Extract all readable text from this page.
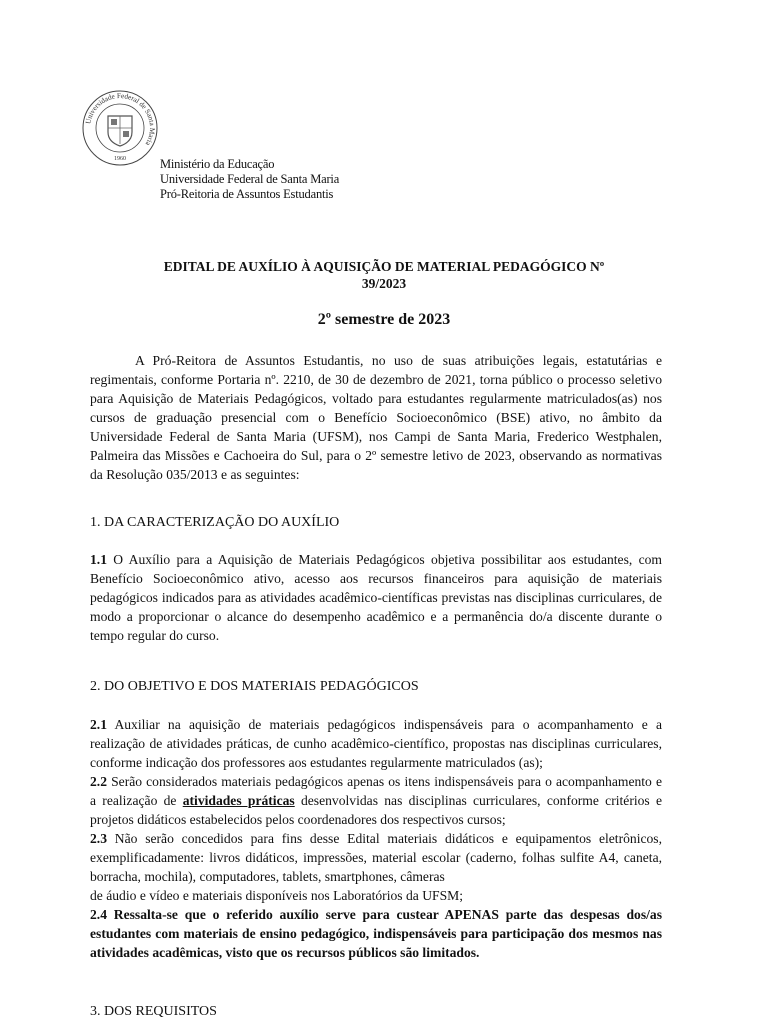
Universidade Federal de Santa Maria
1960	Ministério da Educação
Universidade Federal de Santa Maria
Pró-Reitoria de Assuntos Estudantis
EDITAL DE AUXÍLIO À AQUISIÇÃO DE MATERIAL PEDAGÓGICO Nº
39/2023
2º semestre de 2023
A Pró-Reitora de Assuntos Estudantis, no uso de suas atribuições legais, estatutárias e regimentais, conforme Portaria nº. 2210, de 30 de dezembro de 2021, torna público o processo seletivo para Aquisição de Materiais Pedagógicos, voltado para estudantes regularmente matriculados(as) nos cursos de graduação presencial com o Benefício Socioeconômico (BSE) ativo, no âmbito da Universidade Federal de Santa Maria (UFSM), nos Campi de Santa Maria, Frederico Westphalen, Palmeira das Missões e Cachoeira do Sul, para o 2º semestre letivo de 2023, observando as normativas da Resolução 035/2013 e as seguintes:
1. DA CARACTERIZAÇÃO DO AUXÍLIO
1.1 O Auxílio para a Aquisição de Materiais Pedagógicos objetiva possibilitar aos estudantes, com Benefício Socioeconômico ativo, acesso aos recursos financeiros para aquisição de materiais pedagógicos indicados para as atividades acadêmico-científicas previstas nas disciplinas curriculares, de modo a proporcionar o alcance do desempenho acadêmico e a permanência do/a discente durante o tempo regular do curso.
2. DO OBJETIVO E DOS MATERIAIS PEDAGÓGICOS
2.1 Auxiliar na aquisição de materiais pedagógicos indispensáveis para o acompanhamento e a realização de atividades práticas, de cunho acadêmico-científico, propostas nas disciplinas curriculares, conforme indicação dos professores aos estudantes regularmente matriculados (as);
2.2 Serão considerados materiais pedagógicos apenas os itens indispensáveis para o acompanhamento e a realização de atividades práticas desenvolvidas nas disciplinas curriculares, conforme critérios e projetos didáticos estabelecidos pelos coordenadores dos respectivos cursos;
2.3 Não serão concedidos para fins desse Edital materiais didáticos e equipamentos eletrônicos, exemplificadamente: livros didáticos, impressões, material escolar (caderno, folhas sulfite A4, caneta, borracha, mochila), computadores, tablets, smartphones, câmeras
de áudio e vídeo e materiais disponíveis nos Laboratórios da UFSM;
2.4 Ressalta-se que o referido auxílio serve para custear APENAS parte das despesas dos/as estudantes com materiais de ensino pedagógico, indispensáveis para participação dos mesmos nas atividades acadêmicas, visto que os recursos públicos são limitados.
3. DOS REQUISITOS
